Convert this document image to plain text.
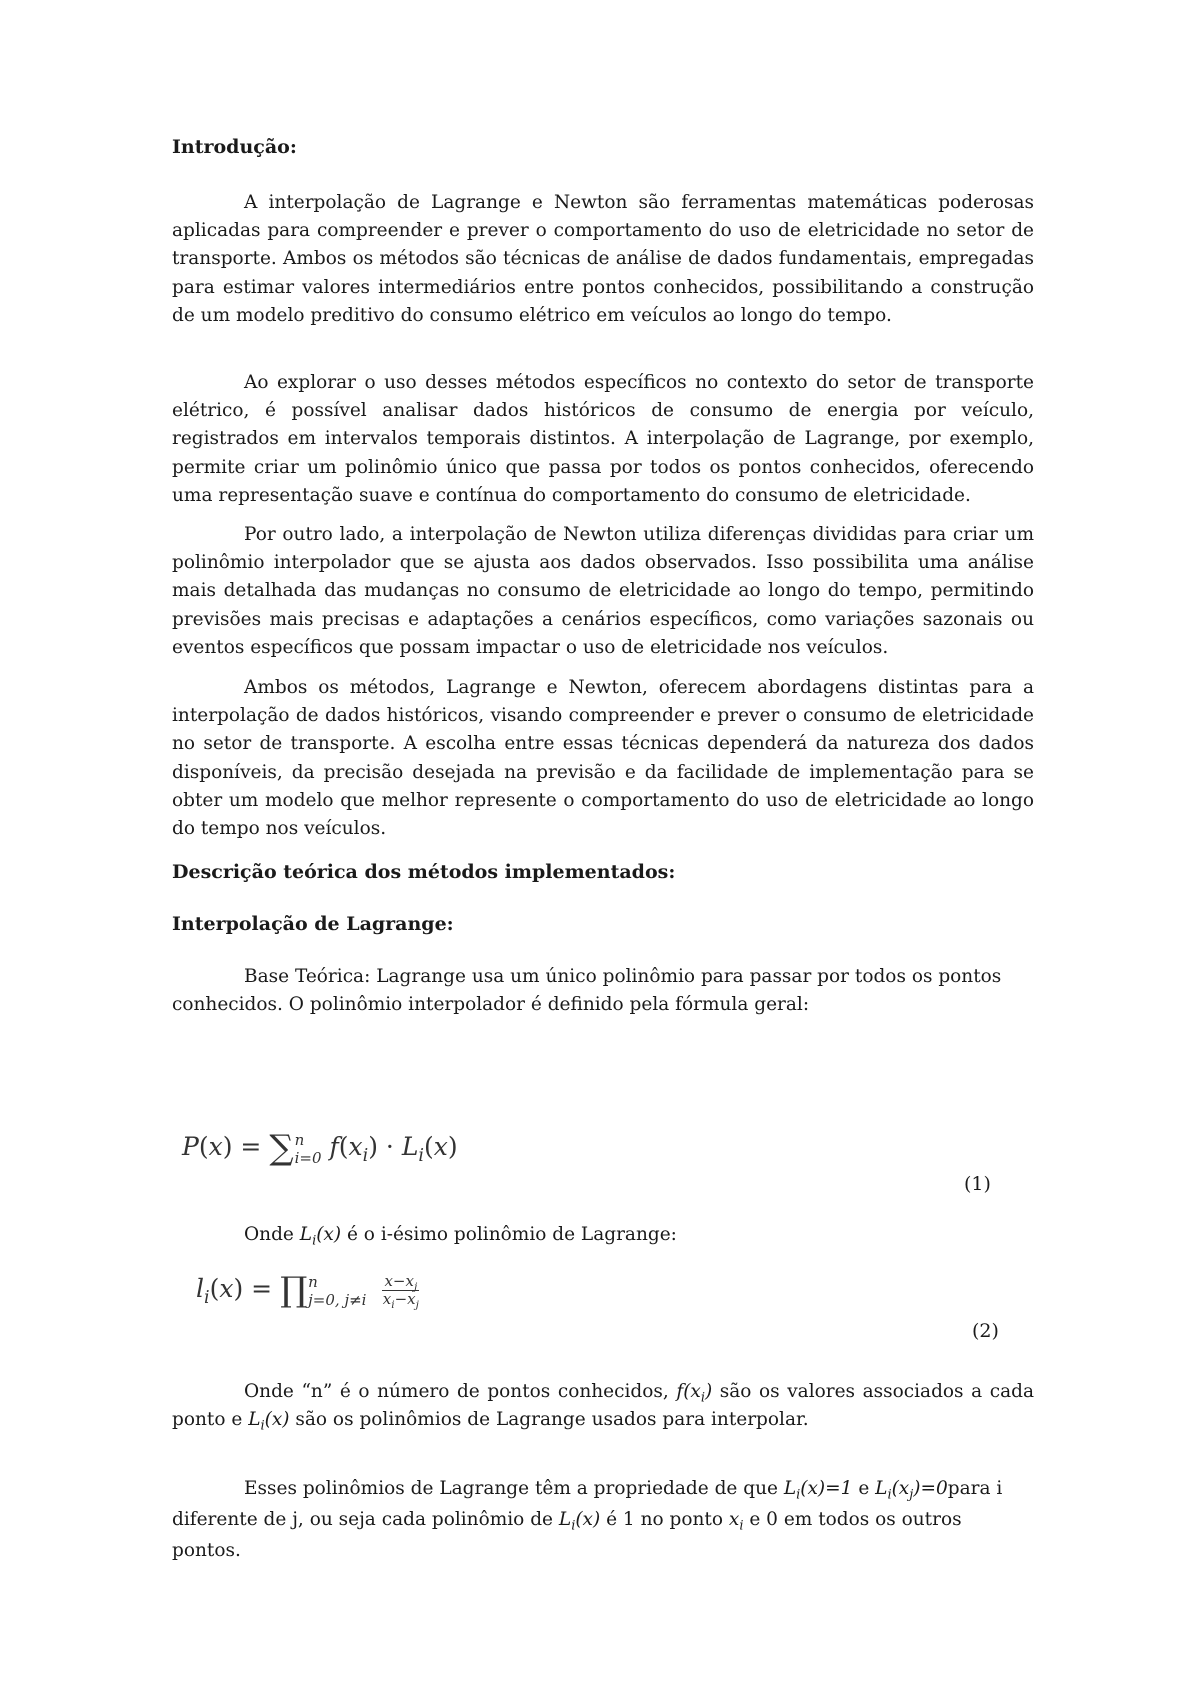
Introdução:
A interpolação de Lagrange e Newton são ferramentas matemáticas poderosas aplicadas para compreender e prever o comportamento do uso de eletricidade no setor de transporte. Ambos os métodos são técnicas de análise de dados fundamentais, empregadas para estimar valores intermediários entre pontos conhecidos, possibilitando a construção de um modelo preditivo do consumo elétrico em veículos ao longo do tempo.
Ao explorar o uso desses métodos específicos no contexto do setor de transporte elétrico, é possível analisar dados históricos de consumo de energia por veículo, registrados em intervalos temporais distintos. A interpolação de Lagrange, por exemplo, permite criar um polinômio único que passa por todos os pontos conhecidos, oferecendo uma representação suave e contínua do comportamento do consumo de eletricidade.
Por outro lado, a interpolação de Newton utiliza diferenças divididas para criar um polinômio interpolador que se ajusta aos dados observados. Isso possibilita uma análise mais detalhada das mudanças no consumo de eletricidade ao longo do tempo, permitindo previsões mais precisas e adaptações a cenários específicos, como variações sazonais ou eventos específicos que possam impactar o uso de eletricidade nos veículos.
Ambos os métodos, Lagrange e Newton, oferecem abordagens distintas para a interpolação de dados históricos, visando compreender e prever o consumo de eletricidade no setor de transporte. A escolha entre essas técnicas dependerá da natureza dos dados disponíveis, da precisão desejada na previsão e da facilidade de implementação para se obter um modelo que melhor represente o comportamento do uso de eletricidade ao longo do tempo nos veículos.
Descrição teórica dos métodos implementados:
Interpolação de Lagrange:
Base Teórica: Lagrange usa um único polinômio para passar por todos os pontos conhecidos. O polinômio interpolador é definido pela fórmula geral:
P(x) = ∑ n
i=0 $f(x_i) \cdot L_i(x)$
(1)
Onde $L_i(x)$ é o i-ésimo polinômio de Lagrange:
$l_i(x)$ = ∏ n
j=0, j≠i
$\frac{x-x_j}{x_i-x_j}$
(2)
Onde “n” é o número de pontos conhecidos, $f(x_i)$ são os valores associados a cada ponto e $L_i(x)$ são os polinômios de Lagrange usados para interpolar.
Esses polinômios de Lagrange têm a propriedade de que $L_i(x)=1$ e $L_i(x_j)=0para$ i diferente de j, ou seja cada polinômio de $L_i(x)$ é 1 no ponto $x_i$ e 0 em todos os outros pontos.
